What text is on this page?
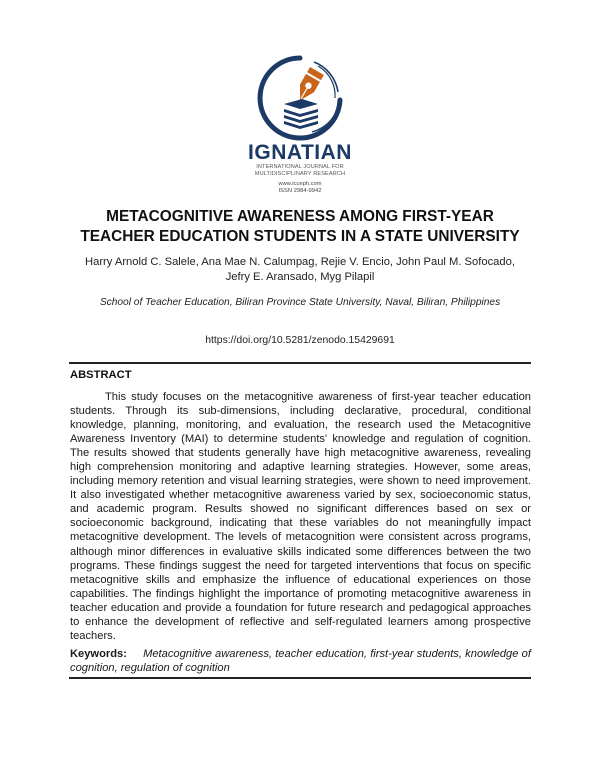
IGNATIAN
INTERNATIONAL JOURNAL FOR
MULTIDISCIPLINARY RESEARCH
www.icceph.com
ISSN 2984-9942
METACOGNITIVE AWARENESS AMONG FIRST-YEAR
TEACHER EDUCATION STUDENTS IN A STATE UNIVERSITY
Harry Arnold C. Salele, Ana Mae N. Calumpag, Rejie V. Encio, John Paul M. Sofocado,
Jefry E. Aransado, Myg Pilapil
School of Teacher Education, Biliran Province State University, Naval, Biliran, Philippines
https://doi.org/10.5281/zenodo.15429691
ABSTRACT
This study focuses on the metacognitive awareness of first-year teacher education students. Through its sub-dimensions, including declarative, procedural, conditional knowledge, planning, monitoring, and evaluation, the research used the Metacognitive Awareness Inventory (MAI) to determine students' knowledge and regulation of cognition. The results showed that students generally have high metacognitive awareness, revealing high comprehension monitoring and adaptive learning strategies. However, some areas, including memory retention and visual learning strategies, were shown to need improvement. It also investigated whether metacognitive awareness varied by sex, socioeconomic status, and academic program. Results showed no significant differences based on sex or socioeconomic background, indicating that these variables do not meaningfully impact metacognitive development. The levels of metacognition were consistent across programs, although minor differences in evaluative skills indicated some differences between the two programs. These findings suggest the need for targeted interventions that focus on specific metacognitive skills and emphasize the influence of educational experiences on those capabilities. The findings highlight the importance of promoting metacognitive awareness in teacher education and provide a foundation for future research and pedagogical approaches to enhance the development of reflective and self-regulated learners among prospective teachers.
Keywords: Metacognitive awareness, teacher education, first-year students, knowledge of cognition, regulation of cognition
